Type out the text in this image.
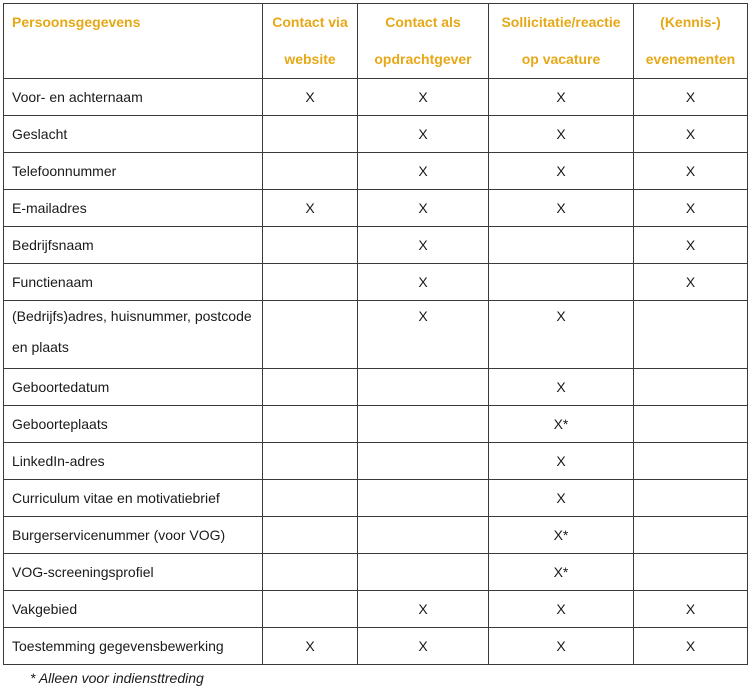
Persoonsgegevens	Contact via website	Contact als opdrachtgever	Sollicitatie/reactie op vacature	(Kennis-) evenementen
Voor- en achternaam	X	X	X	X
Geslacht		X	X	X
Telefoonnummer		X	X	X
E-mailadres	X	X	X	X
Bedrijfsnaam		X		X
Functienaam		X		X
(Bedrijfs)adres, huisnummer, postcode en plaats		X	X	
Geboortedatum			X	
Geboorteplaats			X*	
LinkedIn-adres			X	
Curriculum vitae en motivatiebrief			X	
Burgerservicenummer (voor VOG)			X*	
VOG-screeningsprofiel			X*	
Vakgebied		X	X	X
Toestemming gegevensbewerking	X	X	X	X
* Alleen voor indiensttreding
